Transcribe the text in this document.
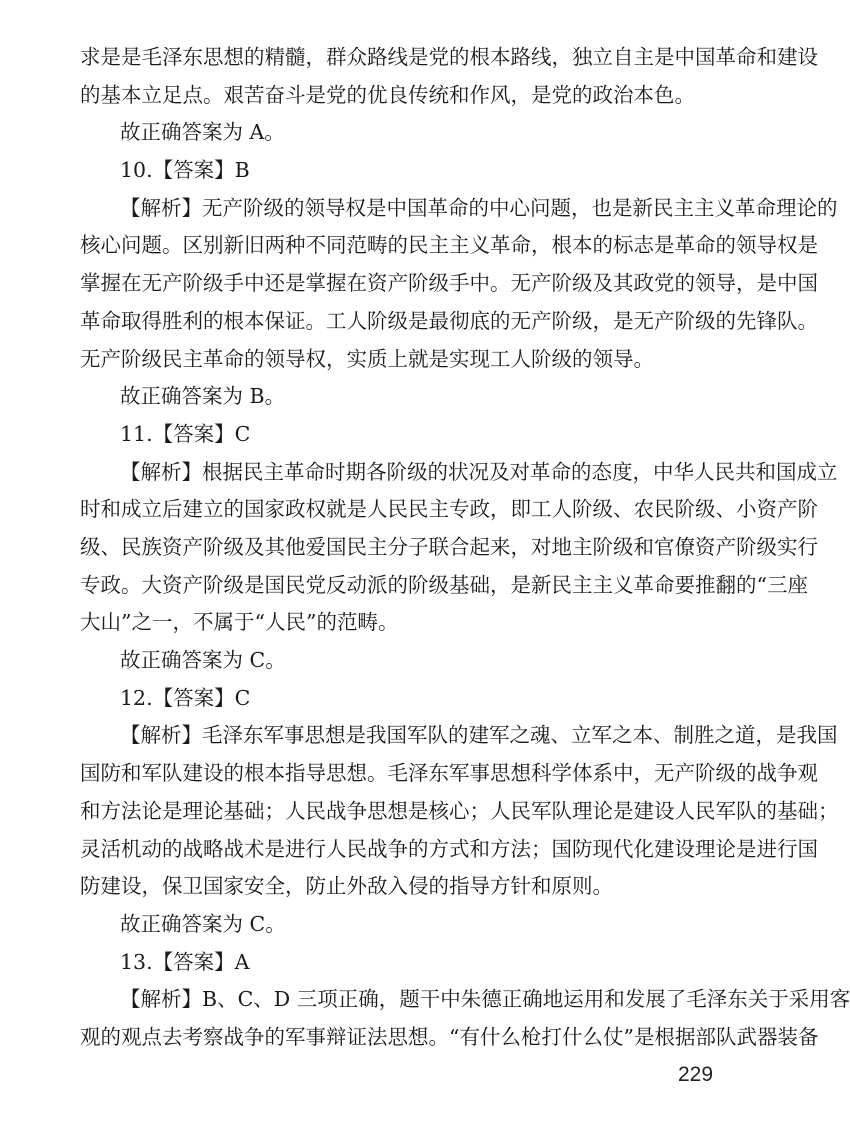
求是是毛泽东思想的精髓，群众路线是党的根本路线，独立自主是中国革命和建设
的基本立足点。艰苦奋斗是党的优良传统和作风，是党的政治本色。
故正确答案为 A。
10.【答案】B
【解析】无产阶级的领导权是中国革命的中心问题，也是新民主主义革命理论的
核心问题。区别新旧两种不同范畴的民主主义革命，根本的标志是革命的领导权是
掌握在无产阶级手中还是掌握在资产阶级手中。无产阶级及其政党的领导，是中国
革命取得胜利的根本保证。工人阶级是最彻底的无产阶级，是无产阶级的先锋队。
无产阶级民主革命的领导权，实质上就是实现工人阶级的领导。
故正确答案为 B。
11.【答案】C
【解析】根据民主革命时期各阶级的状况及对革命的态度，中华人民共和国成立
时和成立后建立的国家政权就是人民民主专政，即工人阶级、农民阶级、小资产阶
级、民族资产阶级及其他爱国民主分子联合起来，对地主阶级和官僚资产阶级实行
专政。大资产阶级是国民党反动派的阶级基础，是新民主主义革命要推翻的“三座
大山”之一，不属于“人民”的范畴。
故正确答案为 C。
12.【答案】C
【解析】毛泽东军事思想是我国军队的建军之魂、立军之本、制胜之道，是我国
国防和军队建设的根本指导思想。毛泽东军事思想科学体系中，无产阶级的战争观
和方法论是理论基础；人民战争思想是核心；人民军队理论是建设人民军队的基础；
灵活机动的战略战术是进行人民战争的方式和方法；国防现代化建设理论是进行国
防建设，保卫国家安全，防止外敌入侵的指导方针和原则。
故正确答案为 C。
13.【答案】A
【解析】B、C、D 三项正确，题干中朱德正确地运用和发展了毛泽东关于采用客
观的观点去考察战争的军事辩证法思想。“有什么枪打什么仗”是根据部队武器装备
229
